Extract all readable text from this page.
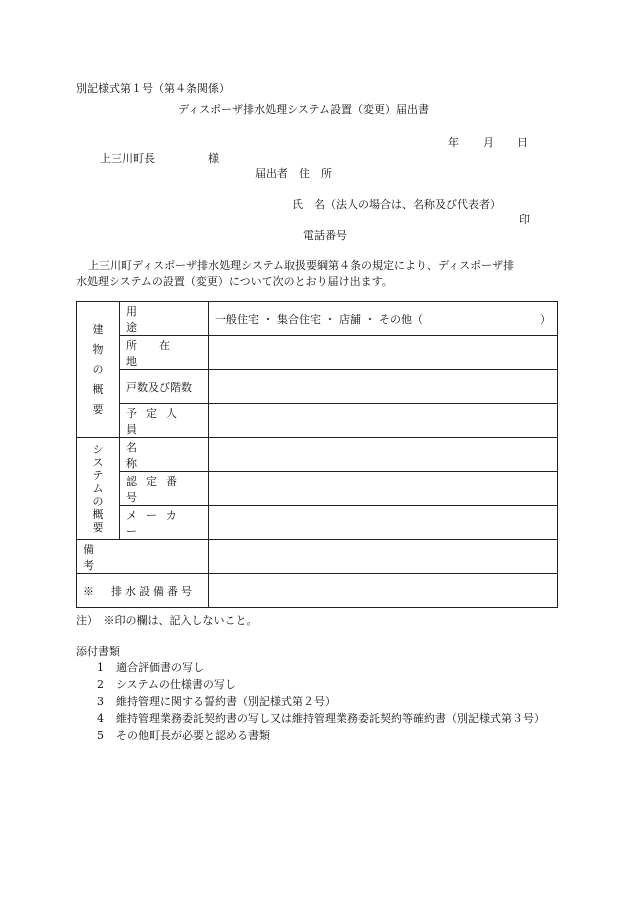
別記様式第１号（第４条関係）
ディスポーザ排水処理システム設置（変更）届出書
年 月 日
上三川町長	様
届出者　住　所
氏　名（法人の場合は、名称及び代表者）
印
電話番号
上三川町ディスポーザ排水処理システム取扱要綱第４条の規定により、ディスポーザ排
水処理システムの設置（変更）について次のとおり届け出ます。
建物の概要	用途	一般住宅 ・ 集合住宅 ・ 店舗 ・ その他（ ）

	所在地	

	戸数及び階数	

	予定人員	

システムの概要	名称	

	認定番号	

	メーカー	

備考		

※　排水設備番号		

注）　※印の欄は、記入しないこと。
添付書類
1	適合評価書の写し
2	システムの仕様書の写し
3	維持管理に関する誓約書（別記様式第２号）
4	維持管理業務委託契約書の写し又は維持管理業務委託契約等確約書（別記様式第３号）
5	その他町長が必要と認める書類
